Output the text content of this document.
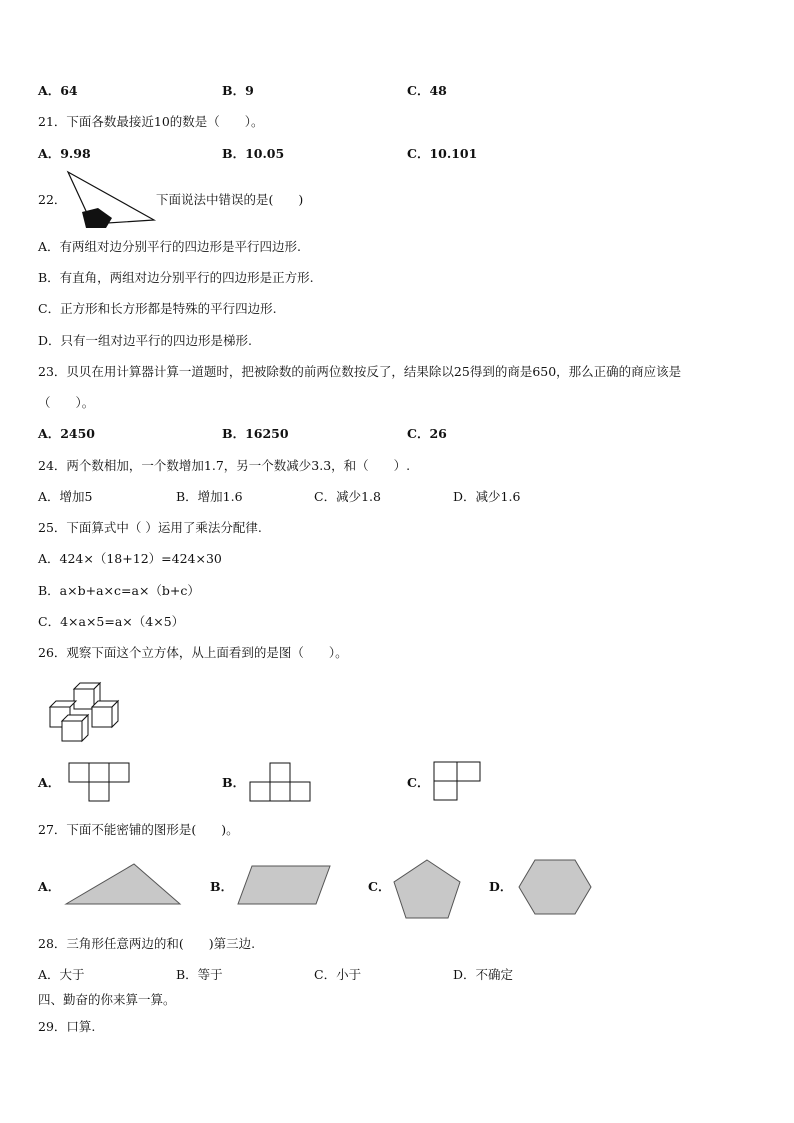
A．64	B．9	C．48
21．下面各数最接近10的数是（　　）。
A．9.98	B．10.05	C．10.101
22．	下面说法中错误的是(　　)
A．有两组对边分别平行的四边形是平行四边形.
B．有直角，两组对边分别平行的四边形是正方形.
C．正方形和长方形都是特殊的平行四边形.
D．只有一组对边平行的四边形是梯形.
23．贝贝在用计算器计算一道题时，把被除数的前两位数按反了，结果除以25得到的商是650，那么正确的商应该是
（　　）。
A．2450	B．16250	C．26
24．两个数相加，一个数增加1.7，另一个数减少3.3，和（　　）.
A．增加5	B．增加1.6	C．减少1.8	D．减少1.6
25．下面算式中（ ）运用了乘法分配律.
A．424×（18+12）=424×30
B．a×b+a×c=a×（b+c）
C．4×a×5=a×（4×5）
26．观察下面这个立方体，从上面看到的是图（　　）。
A．	B．	C．
27．下面不能密铺的图形是(　　)。
A．	B．	C．	D．
28．三角形任意两边的和(　　)第三边.
A．大于	B．等于	C．小于	D．不确定
四、勤奋的你来算一算。
29．口算.
